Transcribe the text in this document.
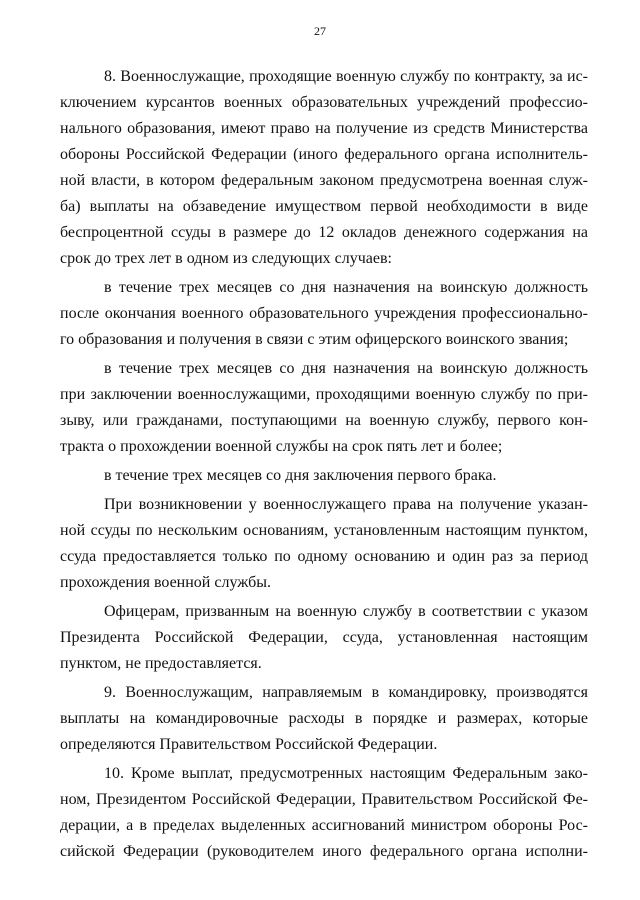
27
8. Военнослужащие, проходящие военную службу по контракту, за ис-
ключением курсантов военных образовательных учреждений профессио-
нального образования, имеют право на получение из средств Министерства
обороны Российской Федерации (иного федерального органа исполнитель-
ной власти, в котором федеральным законом предусмотрена военная служ-
ба) выплаты на обзаведение имуществом первой необходимости в виде
беспроцентной ссуды в размере до 12 окладов денежного содержания на
срок до трех лет в одном из следующих случаев:
в течение трех месяцев со дня назначения на воинскую должность
после окончания военного образовательного учреждения профессионально-
го образования и получения в связи с этим офицерского воинского звания;
в течение трех месяцев со дня назначения на воинскую должность
при заключении военнослужащими, проходящими военную службу по при-
зыву, или гражданами, поступающими на военную службу, первого кон-
тракта о прохождении военной службы на срок пять лет и более;
в течение трех месяцев со дня заключения первого брака.
При возникновении у военнослужащего права на получение указан-
ной ссуды по нескольким основаниям, установленным настоящим пунктом,
ссуда предоставляется только по одному основанию и один раз за период
прохождения военной службы.
Офицерам, призванным на военную службу в соответствии с указом
Президента Российской Федерации, ссуда, установленная настоящим
пунктом, не предоставляется.
9. Военнослужащим, направляемым в командировку, производятся
выплаты на командировочные расходы в порядке и размерах, которые
определяются Правительством Российской Федерации.
10. Кроме выплат, предусмотренных настоящим Федеральным зако-
ном, Президентом Российской Федерации, Правительством Российской Фе-
дерации, а в пределах выделенных ассигнований министром обороны Рос-
сийской Федерации (руководителем иного федерального органа исполни-
